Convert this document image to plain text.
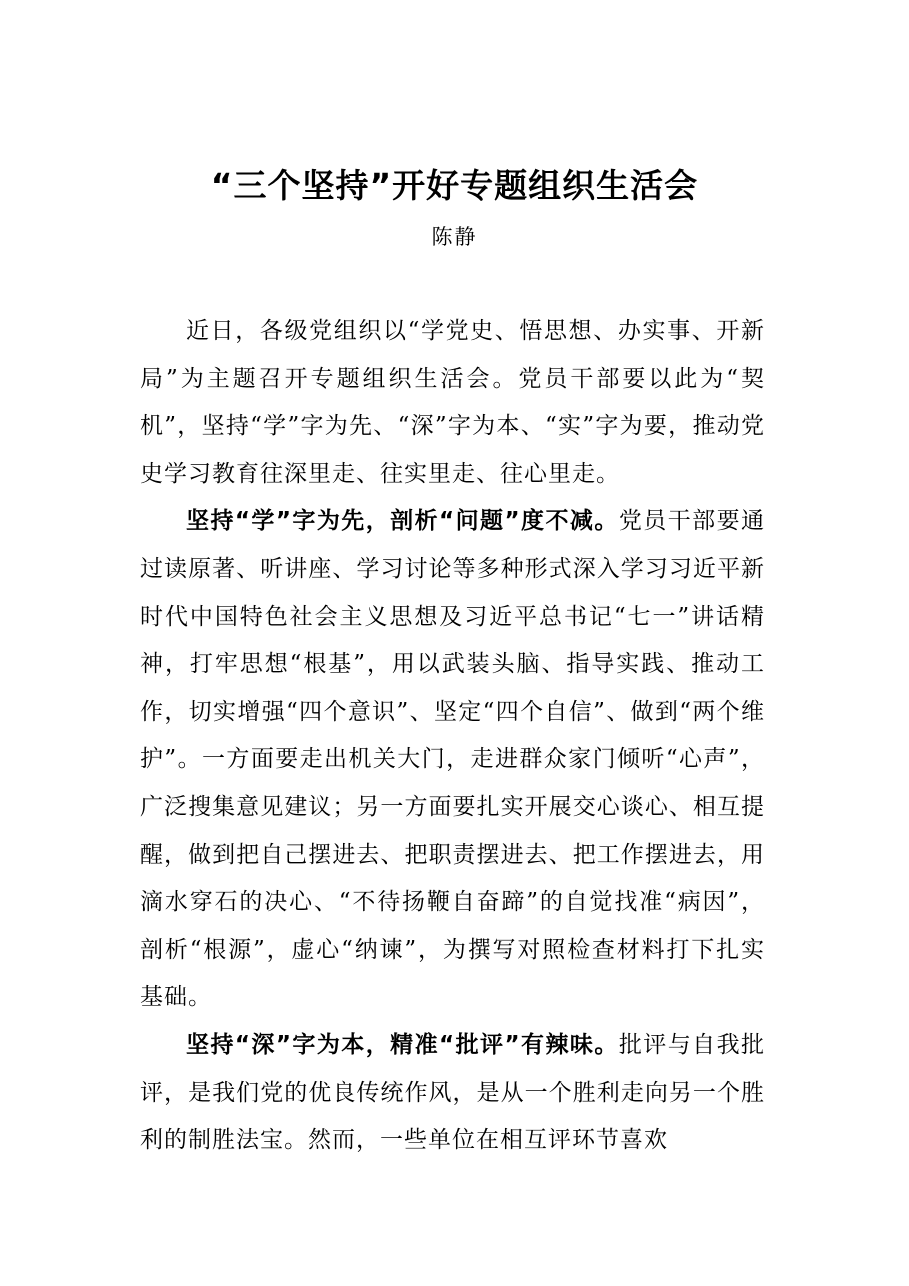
“三个坚持”开好专题组织生活会
陈静

近日，各级党组织以“学党史、悟思想、办实事、开新局”为主题召开专题组织生活会。党员干部要以此为“契机”，坚持“学”字为先、“深”字为本、“实”字为要，推动党史学习教育往深里走、往实里走、往心里走。

坚持“学”字为先，剖析“问题”度不减。党员干部要通过读原著、听讲座、学习讨论等多种形式深入学习习近平新时代中国特色社会主义思想及习近平总书记“七一”讲话精神，打牢思想“根基”，用以武装头脑、指导实践、推动工作，切实增强“四个意识”、坚定“四个自信”、做到“两个维护”。一方面要走出机关大门，走进群众家门倾听“心声”，广泛搜集意见建议；另一方面要扎实开展交心谈心、相互提醒，做到把自己摆进去、把职责摆进去、把工作摆进去，用滴水穿石的决心、“不待扬鞭自奋蹄”的自觉找准“病因”，剖析“根源”，虚心“纳谏”，为撰写对照检查材料打下扎实基础。

坚持“深”字为本，精准“批评”有辣味。批评与自我批评，是我们党的优良传统作风，是从一个胜利走向另一个胜利的制胜法宝。然而，一些单位在相互评环节喜欢
